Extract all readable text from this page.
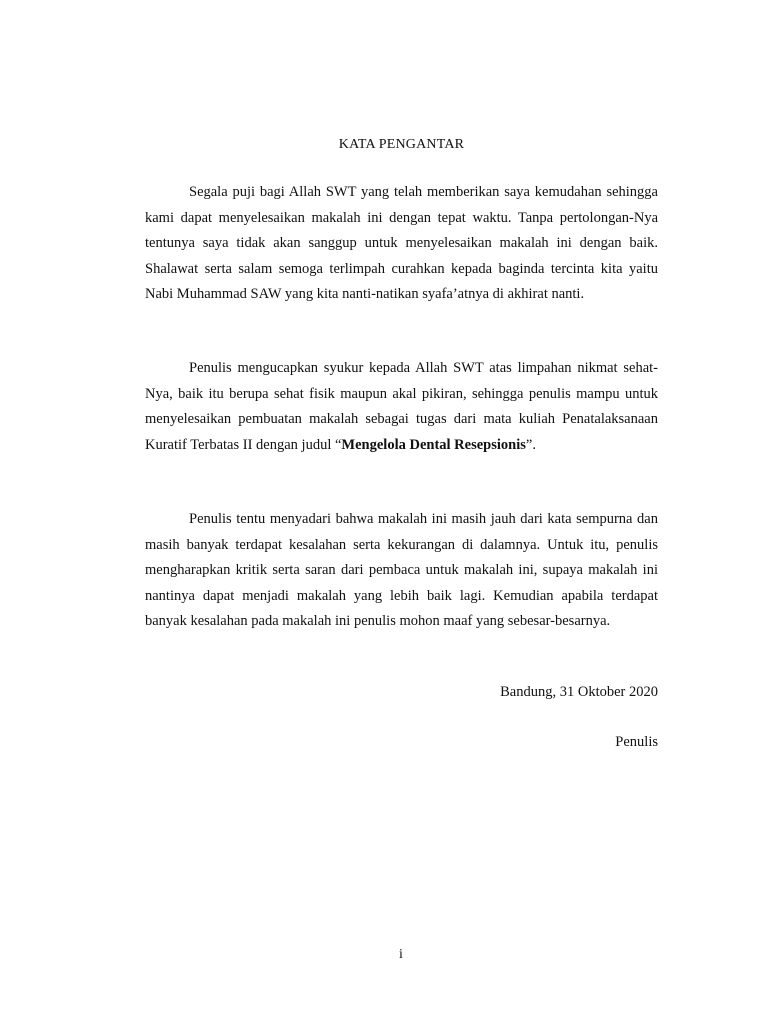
KATA PENGANTAR

Segala puji bagi Allah SWT yang telah memberikan saya kemudahan sehingga kami dapat menyelesaikan makalah ini dengan tepat waktu. Tanpa pertolongan-Nya tentunya saya tidak akan sanggup untuk menyelesaikan makalah ini dengan baik. Shalawat serta salam semoga terlimpah curahkan kepada baginda tercinta kita yaitu Nabi Muhammad SAW yang kita nanti-natikan syafa’atnya di akhirat nanti.

Penulis mengucapkan syukur kepada Allah SWT atas limpahan nikmat sehat-Nya, baik itu berupa sehat fisik maupun akal pikiran, sehingga penulis mampu untuk menyelesaikan pembuatan makalah sebagai tugas dari mata kuliah Penatalaksanaan Kuratif Terbatas II dengan judul “Mengelola Dental Resepsionis”.

Penulis tentu menyadari bahwa makalah ini masih jauh dari kata sempurna dan masih banyak terdapat kesalahan serta kekurangan di dalamnya. Untuk itu, penulis mengharapkan kritik serta saran dari pembaca untuk makalah ini, supaya makalah ini nantinya dapat menjadi makalah yang lebih baik lagi. Kemudian apabila terdapat banyak kesalahan pada makalah ini penulis mohon maaf yang sebesar-besarnya.

Bandung, 31 Oktober 2020

Penulis

i
